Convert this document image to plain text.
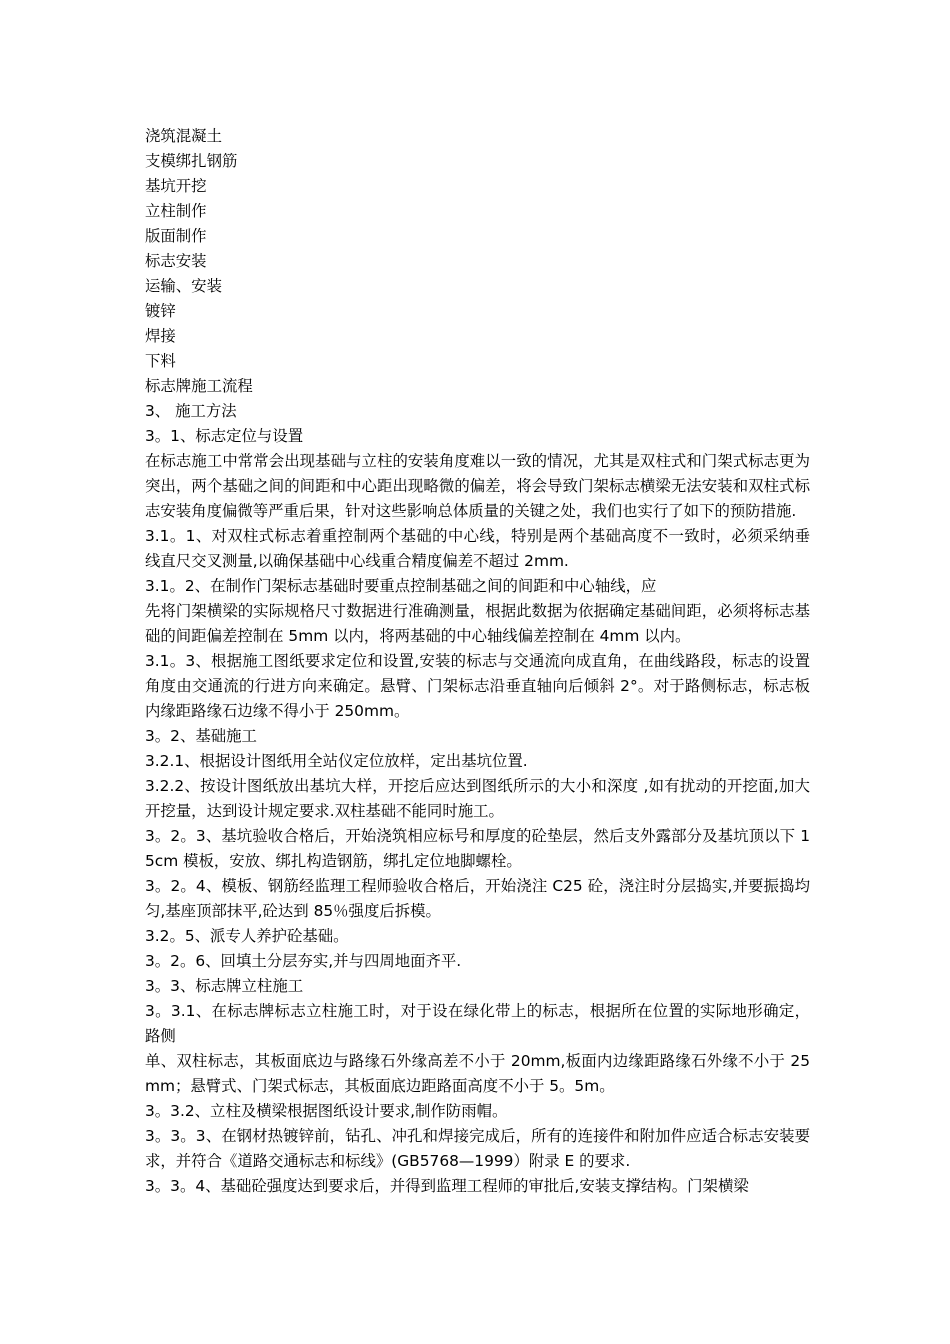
浇筑混凝土
支模绑扎钢筋
基坑开挖
立柱制作
版面制作
标志安装
运输、安装
镀锌
焊接
下料
标志牌施工流程
3、 施工方法
3。1、标志定位与设置
在标志施工中常常会出现基础与立柱的安装角度难以一致的情况，尤其是双柱式和门架式标志更为突出，两个基础之间的间距和中心距出现略微的偏差，将会导致门架标志横梁无法安装和双柱式标志安装角度偏微等严重后果，针对这些影响总体质量的关键之处，我们也实行了如下的预防措施.
3.1。1、对双柱式标志着重控制两个基础的中心线，特别是两个基础高度不一致时，必须采纳垂线直尺交叉测量,以确保基础中心线重合精度偏差不超过 2mm.
3.1。2、在制作门架标志基础时要重点控制基础之间的间距和中心轴线，应
先将门架横梁的实际规格尺寸数据进行准确测量，根据此数据为依据确定基础间距，必须将标志基础的间距偏差控制在 5mm 以内，将两基础的中心轴线偏差控制在 4mm 以内。
3.1。3、根据施工图纸要求定位和设置,安装的标志与交通流向成直角，在曲线路段，标志的设置角度由交通流的行进方向来确定。悬臂、门架标志沿垂直轴向后倾斜 2°。对于路侧标志，标志板内缘距路缘石边缘不得小于 250mm。
3。2、基础施工
3.2.1、根据设计图纸用全站仪定位放样，定出基坑位置.
3.2.2、按设计图纸放出基坑大样，开挖后应达到图纸所示的大小和深度 ,如有扰动的开挖面,加大开挖量，达到设计规定要求.双柱基础不能同时施工。
3。2。3、基坑验收合格后，开始浇筑相应标号和厚度的砼垫层，然后支外露部分及基坑顶以下 15cm 模板，安放、绑扎构造钢筋，绑扎定位地脚螺栓。
3。2。4、模板、钢筋经监理工程师验收合格后，开始浇注 C25 砼，浇注时分层捣实,并要振捣均匀,基座顶部抹平,砼达到 85％强度后拆模。
3.2。5、派专人养护砼基础。
3。2。6、回填土分层夯实,并与四周地面齐平.
3。3、标志牌立柱施工
3。3.1、在标志牌标志立柱施工时，对于设在绿化带上的标志，根据所在位置的实际地形确定，路侧
单、双柱标志，其板面底边与路缘石外缘高差不小于 20mm,板面内边缘距路缘石外缘不小于 25mm；悬臂式、门架式标志，其板面底边距路面高度不小于 5。5m。
3。3.2、立柱及横梁根据图纸设计要求,制作防雨帽。
3。3。3、在钢材热镀锌前，钻孔、冲孔和焊接完成后，所有的连接件和附加件应适合标志安装要求，并符合《道路交通标志和标线》(GB5768—1999）附录 E 的要求.
3。3。4、基础砼强度达到要求后，并得到监理工程师的审批后,安装支撑结构。门架横梁
